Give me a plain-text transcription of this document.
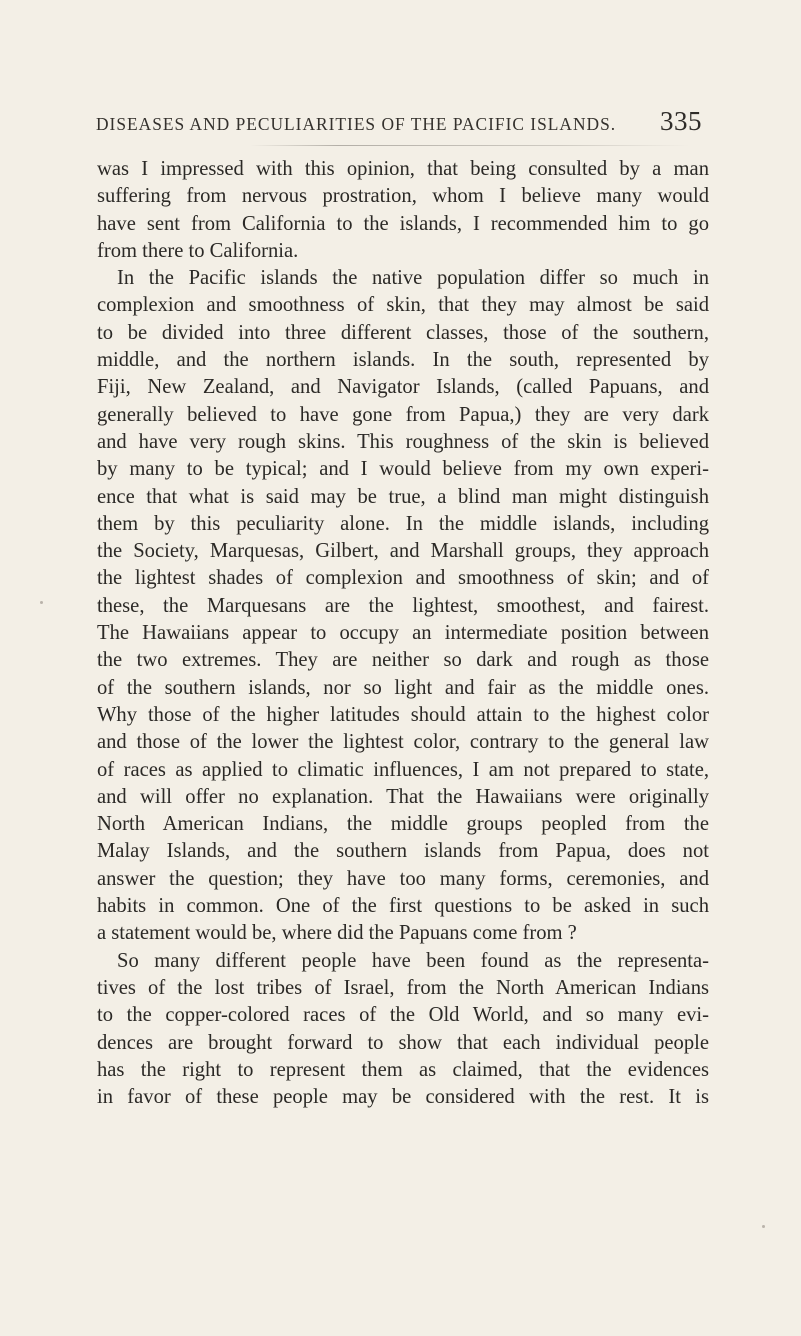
DISEASES AND PECULIARITIES OF THE PACIFIC ISLANDS. 335
was I impressed with this opinion, that being consulted by a man
suffering from nervous prostration, whom I believe many would
have sent from California to the islands, I recommended him to go
from there to California.
In the Pacific islands the native population differ so much in
complexion and smoothness of skin, that they may almost be said
to be divided into three different classes, those of the southern,
middle, and the northern islands. In the south, represented by
Fiji, New Zealand, and Navigator Islands, (called Papuans, and
generally believed to have gone from Papua,) they are very dark
and have very rough skins. This roughness of the skin is believed
by many to be typical; and I would believe from my own experi-
ence that what is said may be true, a blind man might distinguish
them by this peculiarity alone. In the middle islands, including
the Society, Marquesas, Gilbert, and Marshall groups, they approach
the lightest shades of complexion and smoothness of skin; and of
these, the Marquesans are the lightest, smoothest, and fairest.
The Hawaiians appear to occupy an intermediate position between
the two extremes. They are neither so dark and rough as those
of the southern islands, nor so light and fair as the middle ones.
Why those of the higher latitudes should attain to the highest color
and those of the lower the lightest color, contrary to the general law
of races as applied to climatic influences, I am not prepared to state,
and will offer no explanation. That the Hawaiians were originally
North American Indians, the middle groups peopled from the
Malay Islands, and the southern islands from Papua, does not
answer the question; they have too many forms, ceremonies, and
habits in common. One of the first questions to be asked in such
a statement would be, where did the Papuans come from ?
So many different people have been found as the representa-
tives of the lost tribes of Israel, from the North American Indians
to the copper-colored races of the Old World, and so many evi-
dences are brought forward to show that each individual people
has the right to represent them as claimed, that the evidences
in favor of these people may be considered with the rest. It is
